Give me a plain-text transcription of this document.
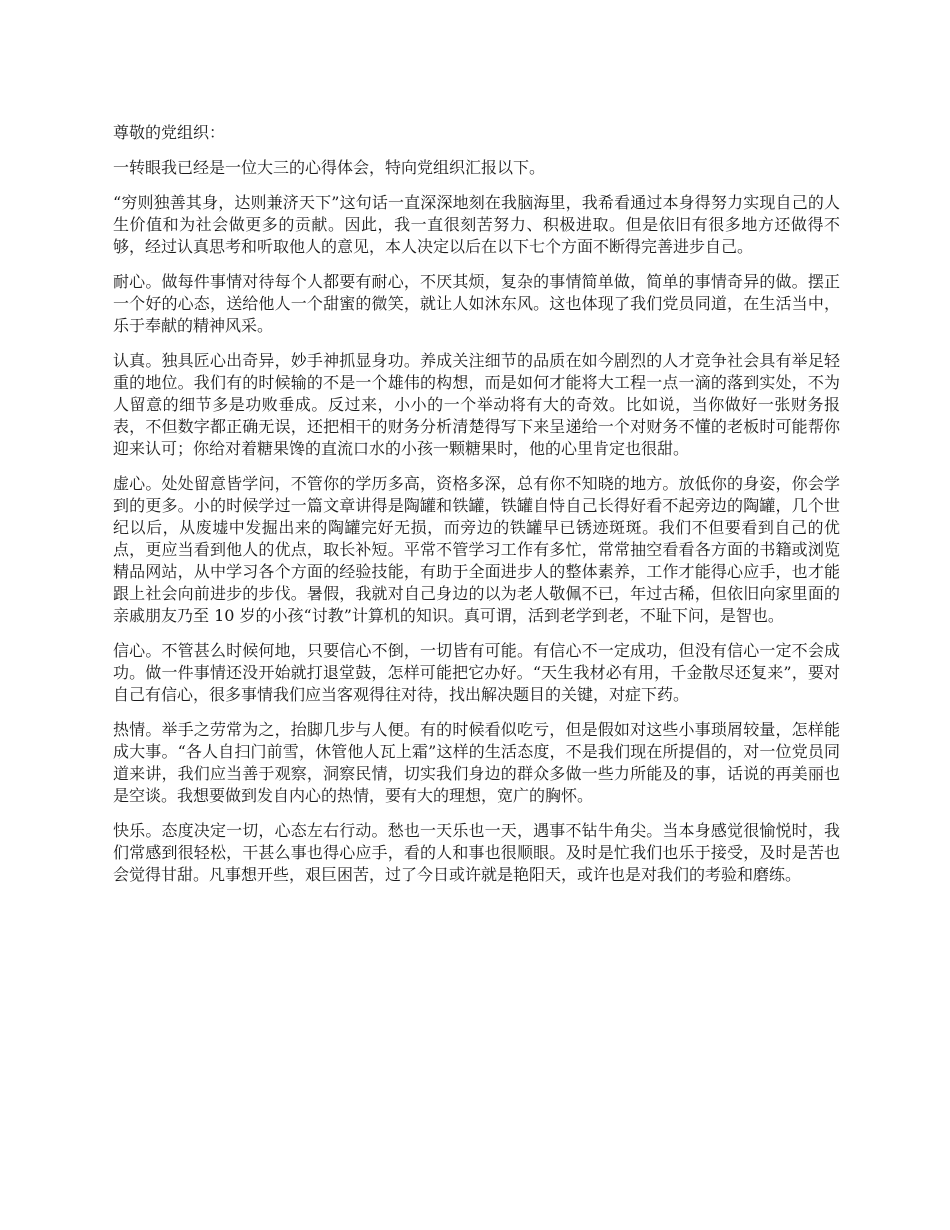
尊敬的党组织：

一转眼我已经是一位大三的心得体会，特向党组织汇报以下。

“穷则独善其身，达则兼济天下”这句话一直深深地刻在我脑海里，我希看通过本身得努力实现自己的人生价值和为社会做更多的贡献。因此，我一直很刻苦努力、积极进取。但是依旧有很多地方还做得不够，经过认真思考和听取他人的意见，本人决定以后在以下七个方面不断得完善进步自己。

耐心。做每件事情对待每个人都要有耐心，不厌其烦，复杂的事情简单做，简单的事情奇异的做。摆正一个好的心态，送给他人一个甜蜜的微笑，就让人如沐东风。这也体现了我们党员同道，在生活当中，乐于奉献的精神风采。

认真。独具匠心出奇异，妙手神抓显身功。养成关注细节的品质在如今剧烈的人才竞争社会具有举足轻重的地位。我们有的时候输的不是一个雄伟的构想，而是如何才能将大工程一点一滴的落到实处，不为人留意的细节多是功败垂成。反过来，小小的一个举动将有大的奇效。比如说，当你做好一张财务报表，不但数字都正确无误，还把相干的财务分析清楚得写下来呈递给一个对财务不懂的老板时可能帮你迎来认可；你给对着糖果馋的直流口水的小孩一颗糖果时，他的心里肯定也很甜。

虚心。处处留意皆学问，不管你的学历多高，资格多深，总有你不知晓的地方。放低你的身姿，你会学到的更多。小的时候学过一篇文章讲得是陶罐和铁罐，铁罐自恃自己长得好看不起旁边的陶罐，几个世纪以后，从废墟中发掘出来的陶罐完好无损，而旁边的铁罐早已锈迹斑斑。我们不但要看到自己的优点，更应当看到他人的优点，取长补短。平常不管学习工作有多忙，常常抽空看看各方面的书籍或浏览精品网站，从中学习各个方面的经验技能，有助于全面进步人的整体素养，工作才能得心应手，也才能跟上社会向前进步的步伐。暑假，我就对自己身边的以为老人敬佩不已，年过古稀，但依旧向家里面的亲戚朋友乃至 10 岁的小孩“讨教”计算机的知识。真可谓，活到老学到老，不耻下问，是智也。

信心。不管甚么时候何地，只要信心不倒，一切皆有可能。有信心不一定成功，但没有信心一定不会成功。做一件事情还没开始就打退堂鼓，怎样可能把它办好。“天生我材必有用，千金散尽还复来”，要对自己有信心，很多事情我们应当客观得往对待，找出解决题目的关键，对症下药。

热情。举手之劳常为之，抬脚几步与人便。有的时候看似吃亏，但是假如对这些小事琐屑较量，怎样能成大事。“各人自扫门前雪，休管他人瓦上霜”这样的生活态度，不是我们现在所提倡的，对一位党员同道来讲，我们应当善于观察，洞察民情，切实我们身边的群众多做一些力所能及的事，话说的再美丽也是空谈。我想要做到发自内心的热情，要有大的理想，宽广的胸怀。

快乐。态度决定一切，心态左右行动。愁也一天乐也一天，遇事不钻牛角尖。当本身感觉很愉悦时，我们常感到很轻松，干甚么事也得心应手，看的人和事也很顺眼。及时是忙我们也乐于接受，及时是苦也会觉得甘甜。凡事想开些，艰巨困苦，过了今日或许就是艳阳天，或许也是对我们的考验和磨练。
